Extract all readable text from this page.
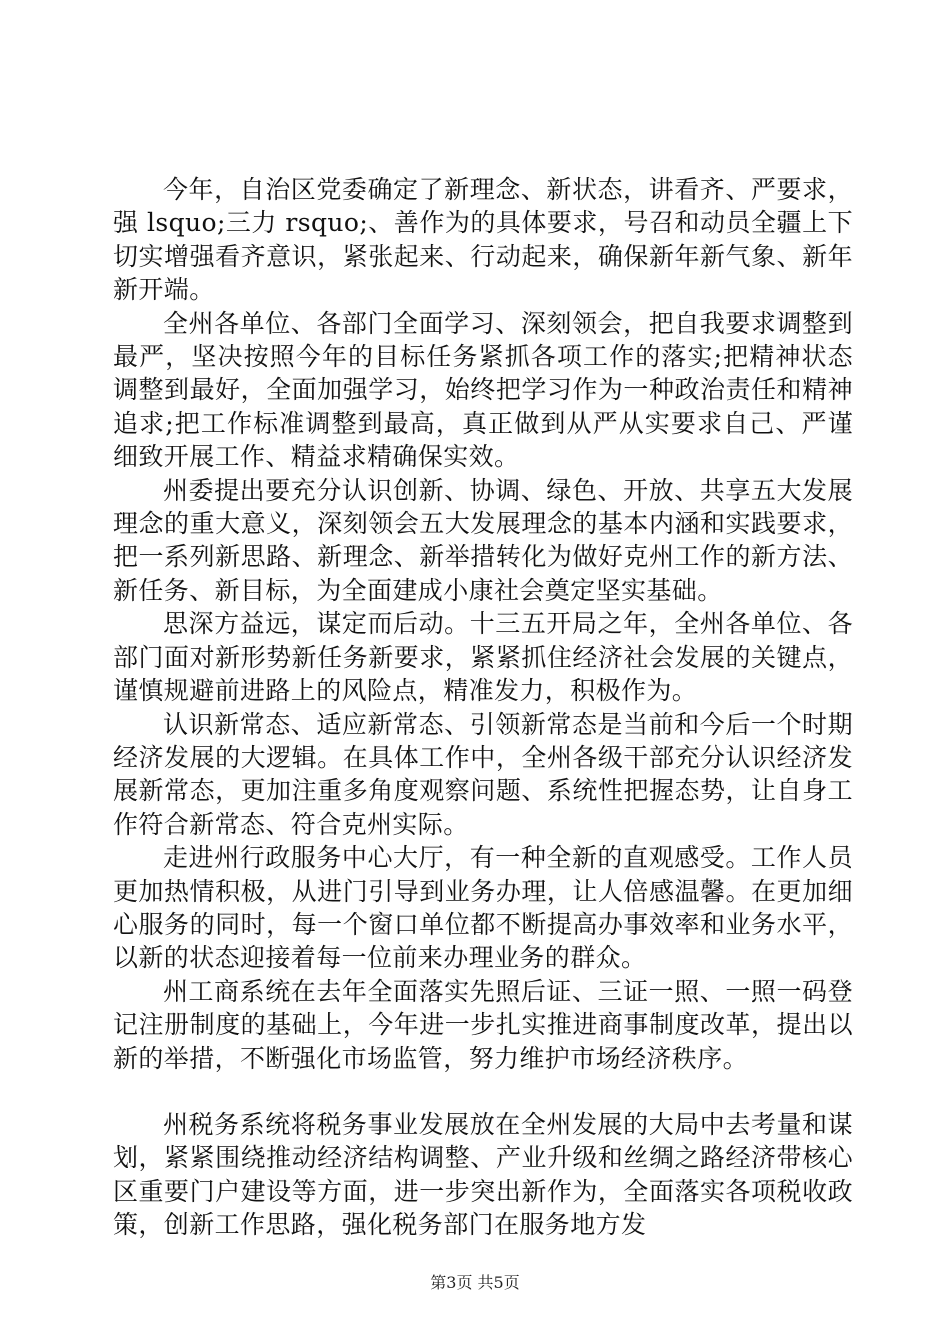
今年，自治区党委确定了新理念、新状态，讲看齐、严要求，强 lsquo;三力 rsquo;、善作为的具体要求，号召和动员全疆上下切实增强看齐意识，紧张起来、行动起来，确保新年新气象、新年新开端。

全州各单位、各部门全面学习、深刻领会，把自我要求调整到最严，坚决按照今年的目标任务紧抓各项工作的落实;把精神状态调整到最好，全面加强学习，始终把学习作为一种政治责任和精神追求;把工作标准调整到最高，真正做到从严从实要求自己、严谨细致开展工作、精益求精确保实效。

州委提出要充分认识创新、协调、绿色、开放、共享五大发展理念的重大意义，深刻领会五大发展理念的基本内涵和实践要求，把一系列新思路、新理念、新举措转化为做好克州工作的新方法、新任务、新目标，为全面建成小康社会奠定坚实基础。

思深方益远，谋定而后动。十三五开局之年，全州各单位、各部门面对新形势新任务新要求，紧紧抓住经济社会发展的关键点，谨慎规避前进路上的风险点，精准发力，积极作为。

认识新常态、适应新常态、引领新常态是当前和今后一个时期经济发展的大逻辑。在具体工作中，全州各级干部充分认识经济发展新常态，更加注重多角度观察问题、系统性把握态势，让自身工作符合新常态、符合克州实际。

走进州行政服务中心大厅，有一种全新的直观感受。工作人员更加热情积极，从进门引导到业务办理，让人倍感温馨。在更加细心服务的同时，每一个窗口单位都不断提高办事效率和业务水平，以新的状态迎接着每一位前来办理业务的群众。

州工商系统在去年全面落实先照后证、三证一照、一照一码登记注册制度的基础上，今年进一步扎实推进商事制度改革，提出以新的举措，不断强化市场监管，努力维护市场经济秩序。

州税务系统将税务事业发展放在全州发展的大局中去考量和谋划，紧紧围绕推动经济结构调整、产业升级和丝绸之路经济带核心区重要门户建设等方面，进一步突出新作为，全面落实各项税收政策，创新工作思路，强化税务部门在服务地方发

第3页 共5页
